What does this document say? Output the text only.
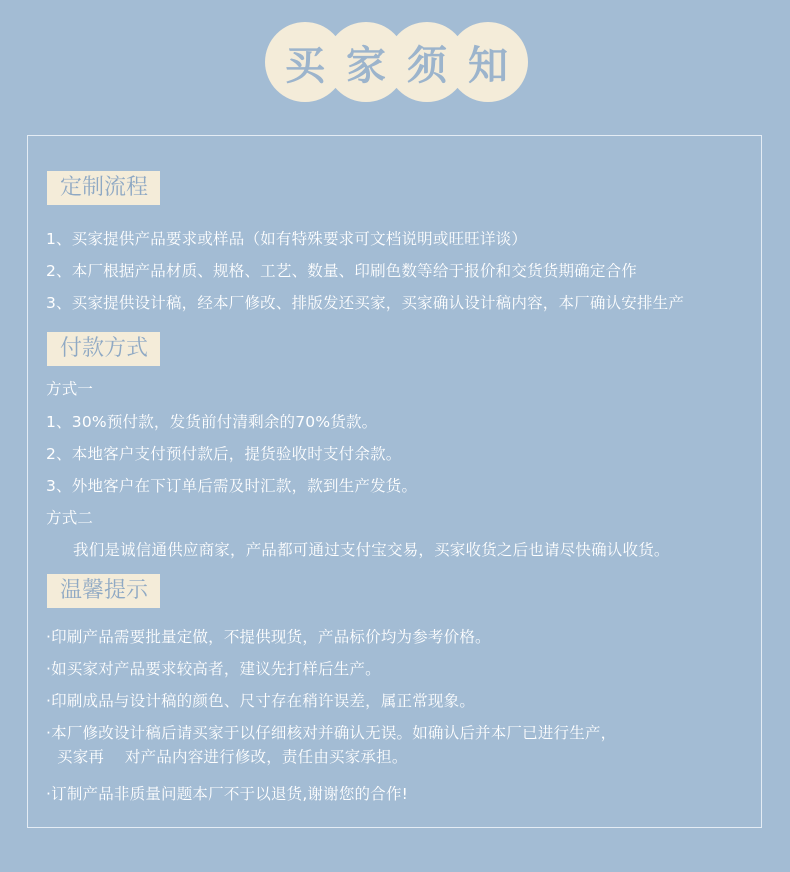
买 家 须 知
定制流程
1、买家提供产品要求或样品（如有特殊要求可文档说明或旺旺详谈）
2、本厂根据产品材质、规格、工艺、数量、印刷色数等给于报价和交货货期确定合作
3、买家提供设计稿，经本厂修改、排版发还买家，买家确认设计稿内容，本厂确认安排生产
付款方式
方式一
1、30%预付款，发货前付清剩余的70%货款。
2、本地客户支付预付款后，提货验收时支付余款。
3、外地客户在下订单后需及时汇款，款到生产发货。
方式二
我们是诚信通供应商家，产品都可通过支付宝交易，买家收货之后也请尽快确认收货。
温馨提示
·印刷产品需要批量定做，不提供现货，产品标价均为参考价格。
·如买家对产品要求较高者，建议先打样后生产。
·印刷成品与设计稿的颜色、尺寸存在稍许误差，属正常现象。
·本厂修改设计稿后请买家于以仔细核对并确认无误。如确认后并本厂已进行生产，
买家再　 对产品内容进行修改，责任由买家承担。
·订制产品非质量问题本厂不于以退货,谢谢您的合作!
